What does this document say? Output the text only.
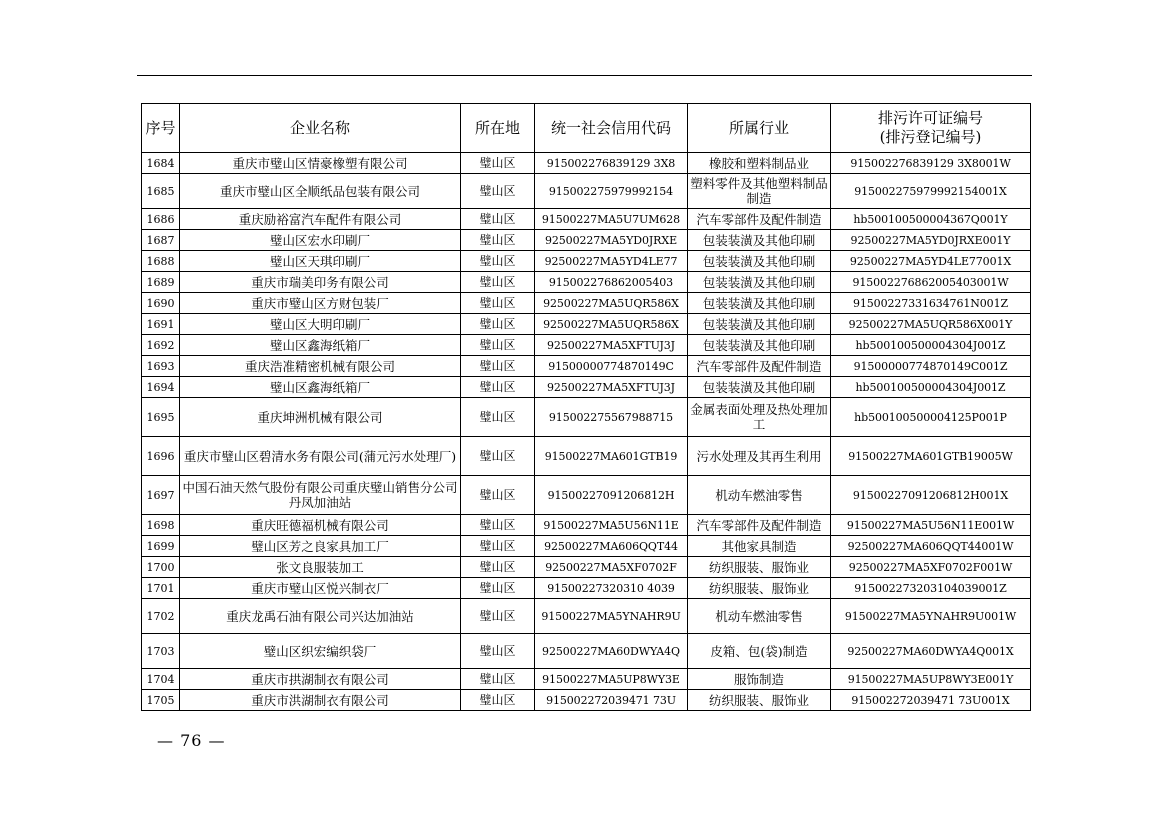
序号	企业名称	所在地	统一社会信用代码	所属行业	排污许可证编号
(排污登记编号)

1684	重庆市璧山区情豪橡塑有限公司	璧山区	915002276839129 3X8	橡胶和塑料制品业	915002276839129 3X8001W
1685	重庆市璧山区全顺纸品包装有限公司	璧山区	915002275979992154	塑料零件及其他塑料制品制造	915002275979992154001X
1686	重庆励裕富汽车配件有限公司	璧山区	91500227MA5U7UM628	汽车零部件及配件制造	hb500100500004367Q001Y
1687	璧山区宏水印刷厂	璧山区	92500227MA5YD0JRXE	包装装潢及其他印刷	92500227MA5YD0JRXE001Y
1688	璧山区天琪印刷厂	璧山区	92500227MA5YD4LE77	包装装潢及其他印刷	92500227MA5YD4LE77001X
1689	重庆市瑞美印务有限公司	璧山区	915002276862005403	包装装潢及其他印刷	915002276862005403001W
1690	重庆市璧山区方财包装厂	璧山区	92500227MA5UQR586X	包装装潢及其他印刷	91500227331634761N001Z
1691	璧山区大明印刷厂	璧山区	92500227MA5UQR586X	包装装潢及其他印刷	92500227MA5UQR586X001Y
1692	璧山区鑫海纸箱厂	璧山区	92500227MA5XFTUJ3J	包装装潢及其他印刷	hb500100500004304J001Z
1693	重庆浩准精密机械有限公司	璧山区	91500000774870149C	汽车零部件及配件制造	91500000774870149C001Z
1694	璧山区鑫海纸箱厂	璧山区	92500227MA5XFTUJ3J	包装装潢及其他印刷	hb500100500004304J001Z
1695	重庆坤洲机械有限公司	璧山区	915002275567988715	金属表面处理及热处理加工	hb500100500004125P001P
1696	重庆市璧山区碧清水务有限公司(蒲元污水处理厂)	璧山区	91500227MA601GTB19	污水处理及其再生利用	91500227MA601GTB19005W
1697	中国石油天然气股份有限公司重庆璧山销售分公司丹凤加油站	璧山区	91500227091206812H	机动车燃油零售	91500227091206812H001X
1698	重庆旺德福机械有限公司	璧山区	91500227MA5U56N11E	汽车零部件及配件制造	91500227MA5U56N11E001W
1699	璧山区芳之良家具加工厂	璧山区	92500227MA606QQT44	其他家具制造	92500227MA606QQT44001W
1700	张文良服装加工	璧山区	92500227MA5XF0702F	纺织服装、服饰业	92500227MA5XF0702F001W
1701	重庆市璧山区悦兴制衣厂	璧山区	91500227320310 4039	纺织服装、服饰业	915002273203104039001Z
1702	重庆龙禹石油有限公司兴达加油站	璧山区	91500227MA5YNAHR9U	机动车燃油零售	91500227MA5YNAHR9U001W
1703	璧山区织宏编织袋厂	璧山区	92500227MA60DWYA4Q	皮箱、包(袋)制造	92500227MA60DWYA4Q001X
1704	重庆市拱湖制衣有限公司	璧山区	91500227MA5UP8WY3E	服饰制造	91500227MA5UP8WY3E001Y
1705	重庆市洪湖制衣有限公司	璧山区	915002272039471 73U	纺织服装、服饰业	915002272039471 73U001X
— 76 —
